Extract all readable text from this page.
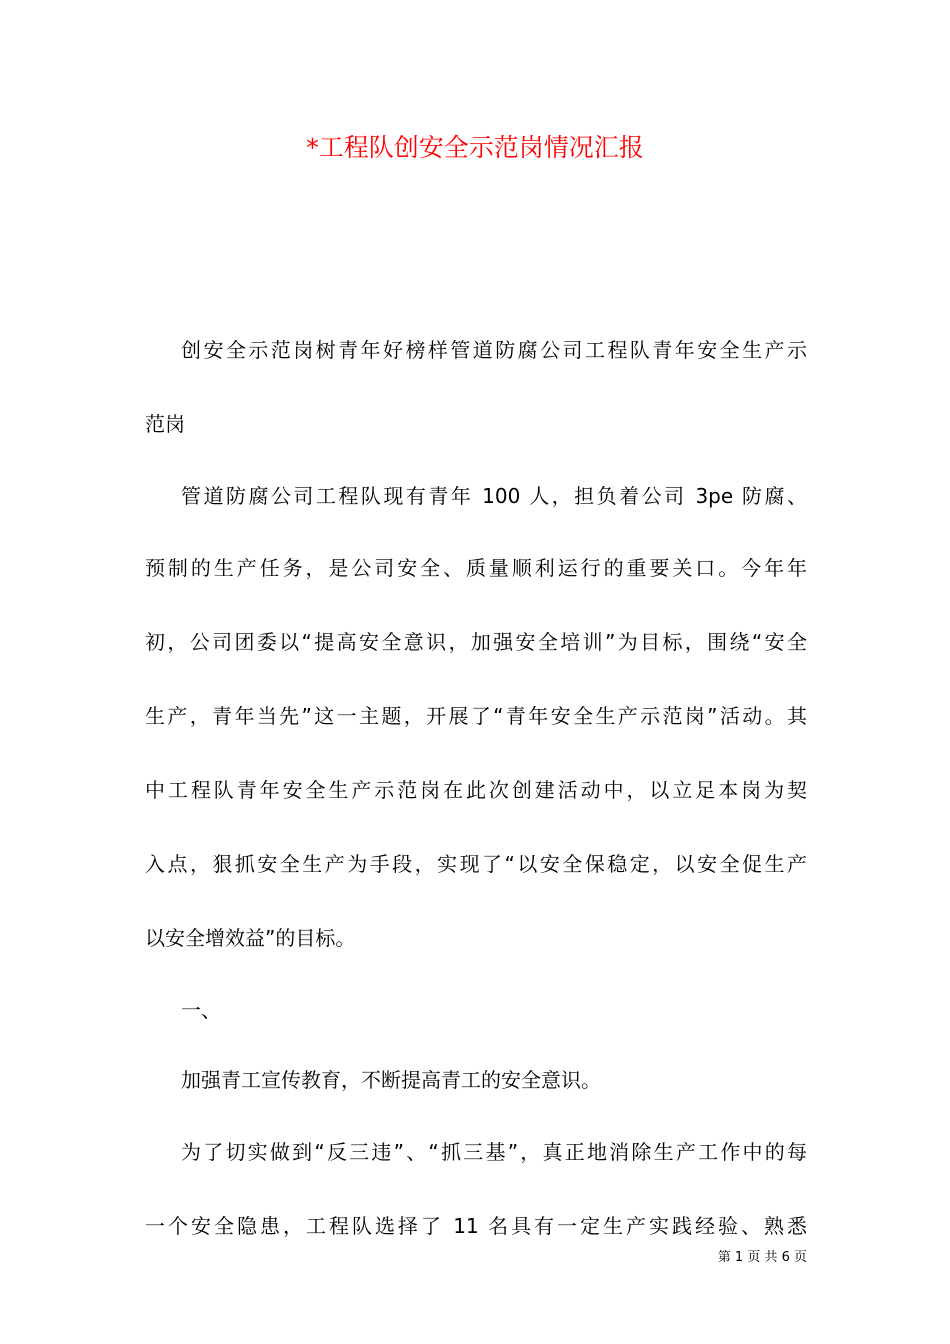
*工程队创安全示范岗情况汇报
创安全示范岗树青年好榜样管道防腐公司工程队青年安全生产示
范岗
管道防腐公司工程队现有青年 100 人，担负着公司 3pe 防腐、
预制的生产任务，是公司安全、质量顺利运行的重要关口。今年年
初，公司团委以“提高安全意识，加强安全培训”为目标，围绕“安全
生产，青年当先”这一主题，开展了“青年安全生产示范岗”活动。其
中工程队青年安全生产示范岗在此次创建活动中，以立足本岗为契
入点，狠抓安全生产为手段，实现了“以安全保稳定，以安全促生产
以安全增效益”的目标。
一、
加强青工宣传教育，不断提高青工的安全意识。
为了切实做到“反三违”、“抓三基”，真正地消除生产工作中的每
一个安全隐患，工程队选择了 11 名具有一定生产实践经验、熟悉
第 1 页 共 6 页
